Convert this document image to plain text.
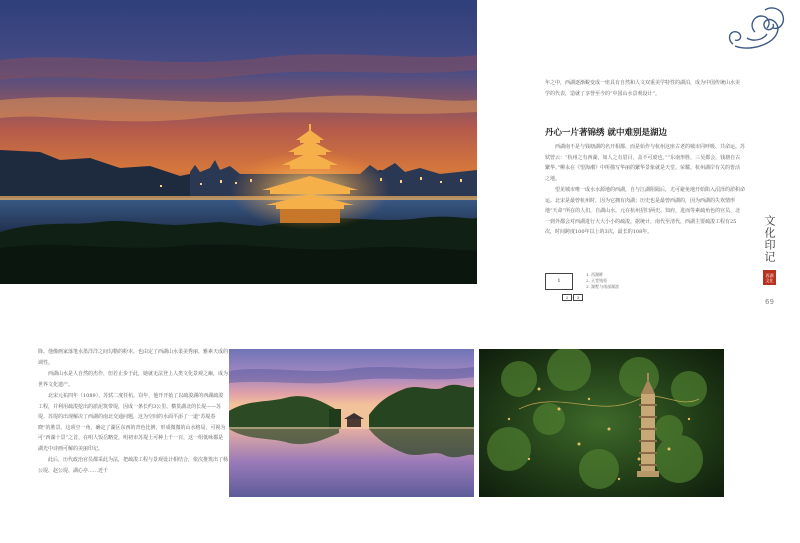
年之中，西湖逐渐蜕变成一座具有自然和人文双重美学特性的湖泊，成为中国传统山水美学的代表，造就了享誉至今的“中国山水景观设计”。
丹心一片著锦绣 就中难别是湖边

西湖南不是与钱塘湖的名开相都、而是始作与杭州这座古老的城市同呼吸、共命运。苏轼曾云：“杭州之有西湖，如人之有眉目，盖不可废也。”“东南形胜，三吴都会，钱塘自古繁华。”柳永在《望海潮》中所描写华丽的繁华景象就是天堂、荣耀。杭州湖岸有关的皆活之地。

望见城市唯一成水水源地的西湖，自与江湖阻隔后，尤可避免地开始陷入沼泽的淤积命运。北宋是最曾杭州时，因为它拥有肉湖；历史也是最曾西湖的，因为西湖的失欢情形地“天命”所在的人们，自湖山水，元在杭州招归两史、知府，进而等素疏角色的官员，北一到外都会对西湖进行大大小小的疏浚。据统计，南代至清代，西湖主要疏浚工程有25次，时间跨度100年以上的3次，最长的108年。	文化印记
西湖文化
69
1
1. 西湖畔
2. 天堂钱柜
3. 湖墅与南部湖滨
2	3

降。他像画家落笔水墨洋洋之间勾勒的粉本。也由定了西湖山水柔美秀丽、雅素天成的调性。

西湖山水是人自然的杰作，但若止步于此，她就无法登上人类文化景观之巅，成为世界文化遗产。

北宋元祐四年（1089），苏轼二度任杭。窃年，他开开始了以疏浚湖的西湖疏浚工程，并利用疏浚挖出的淤泥筑带堤，因成一条长约3公里、横贯湖北的长堤——苏堤。苏堤的出现解决了西湖的南北交通问题，这为空间的水面平添了一道“苏堤春晓”的胜景。这项空一角，确定了湖区东西的青色比例，形成微微的山水格局，可视为可“西湖十景”之首，在明人饭岳略觉，明初市苏堤上可种上千一百，这一组低咏都是湖光中诗画可解的美丽印记。

此后，历代政治官员都采此为法，把疏浚工程与景观设计相结合，依次推筑出了杨公堤、赵公堤、湖心亭……近千
